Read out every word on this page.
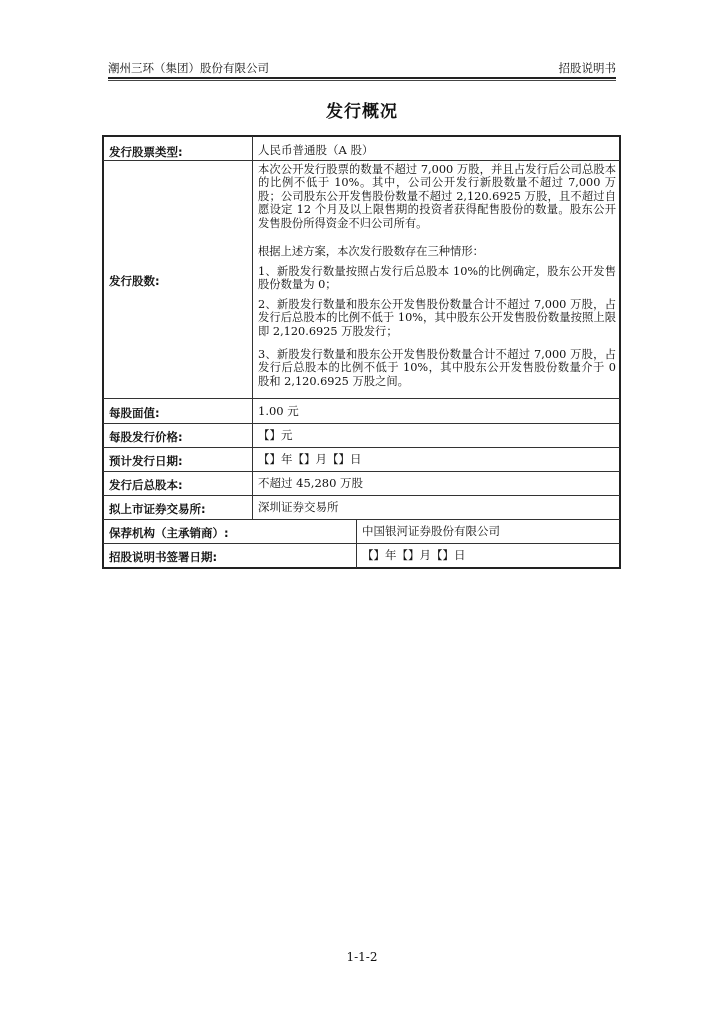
潮州三环（集团）股份有限公司	招股说明书
发行概况
发行股票类型:	人民币普通股（A 股）
发行股数:
本次公开发行股票的数量不超过 7,000 万股，并且占发行后公司总股本的比例不低于 10%。其中，公司公开发行新股数量不超过 7,000 万股；公司股东公开发售股份数量不超过 2,120.6925 万股，且不超过自愿设定 12 个月及以上限售期的投资者获得配售股份的数量。股东公开发售股份所得资金不归公司所有。
根据上述方案，本次发行股数存在三种情形：
1、新股发行数量按照占发行后总股本 10%的比例确定，股东公开发售股份数量为 0；
2、新股发行数量和股东公开发售股份数量合计不超过 7,000 万股，占发行后总股本的比例不低于 10%，其中股东公开发售股份数量按照上限即 2,120.6925 万股发行；
3、新股发行数量和股东公开发售股份数量合计不超过 7,000 万股，占发行后总股本的比例不低于 10%，其中股东公开发售股份数量介于 0 股和 2,120.6925 万股之间。
每股面值:	1.00 元
每股发行价格:	【】元
预计发行日期:	【】年【】月【】日
发行后总股本:	不超过 45,280 万股
拟上市证券交易所:	深圳证券交易所
保荐机构（主承销商）:	中国银河证券股份有限公司
招股说明书签署日期:	【】年【】月【】日
1-1-2
